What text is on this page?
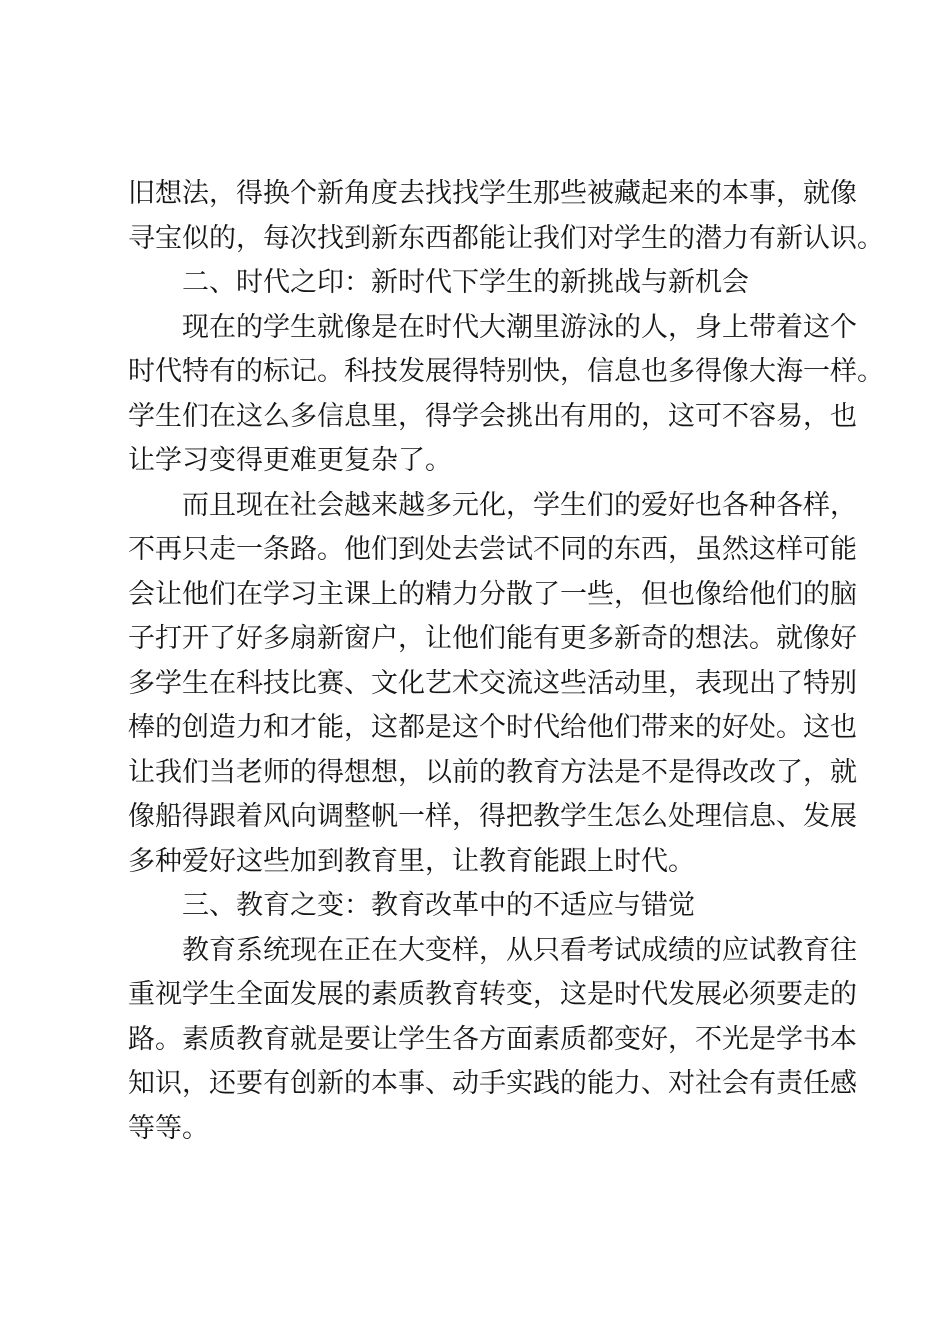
旧想法，得换个新角度去找找学生那些被藏起来的本事，就像
寻宝似的，每次找到新东西都能让我们对学生的潜力有新认识。

二、时代之印：新时代下学生的新挑战与新机会

现在的学生就像是在时代大潮里游泳的人，身上带着这个
时代特有的标记。科技发展得特别快，信息也多得像大海一样。
学生们在这么多信息里，得学会挑出有用的，这可不容易，也
让学习变得更难更复杂了。

而且现在社会越来越多元化，学生们的爱好也各种各样，
不再只走一条路。他们到处去尝试不同的东西，虽然这样可能
会让他们在学习主课上的精力分散了一些，但也像给他们的脑
子打开了好多扇新窗户，让他们能有更多新奇的想法。就像好
多学生在科技比赛、文化艺术交流这些活动里，表现出了特别
棒的创造力和才能，这都是这个时代给他们带来的好处。这也
让我们当老师的得想想，以前的教育方法是不是得改改了，就
像船得跟着风向调整帆一样，得把教学生怎么处理信息、发展
多种爱好这些加到教育里，让教育能跟上时代。

三、教育之变：教育改革中的不适应与错觉

教育系统现在正在大变样，从只看考试成绩的应试教育往
重视学生全面发展的素质教育转变，这是时代发展必须要走的
路。素质教育就是要让学生各方面素质都变好，不光是学书本
知识，还要有创新的本事、动手实践的能力、对社会有责任感
等等。
